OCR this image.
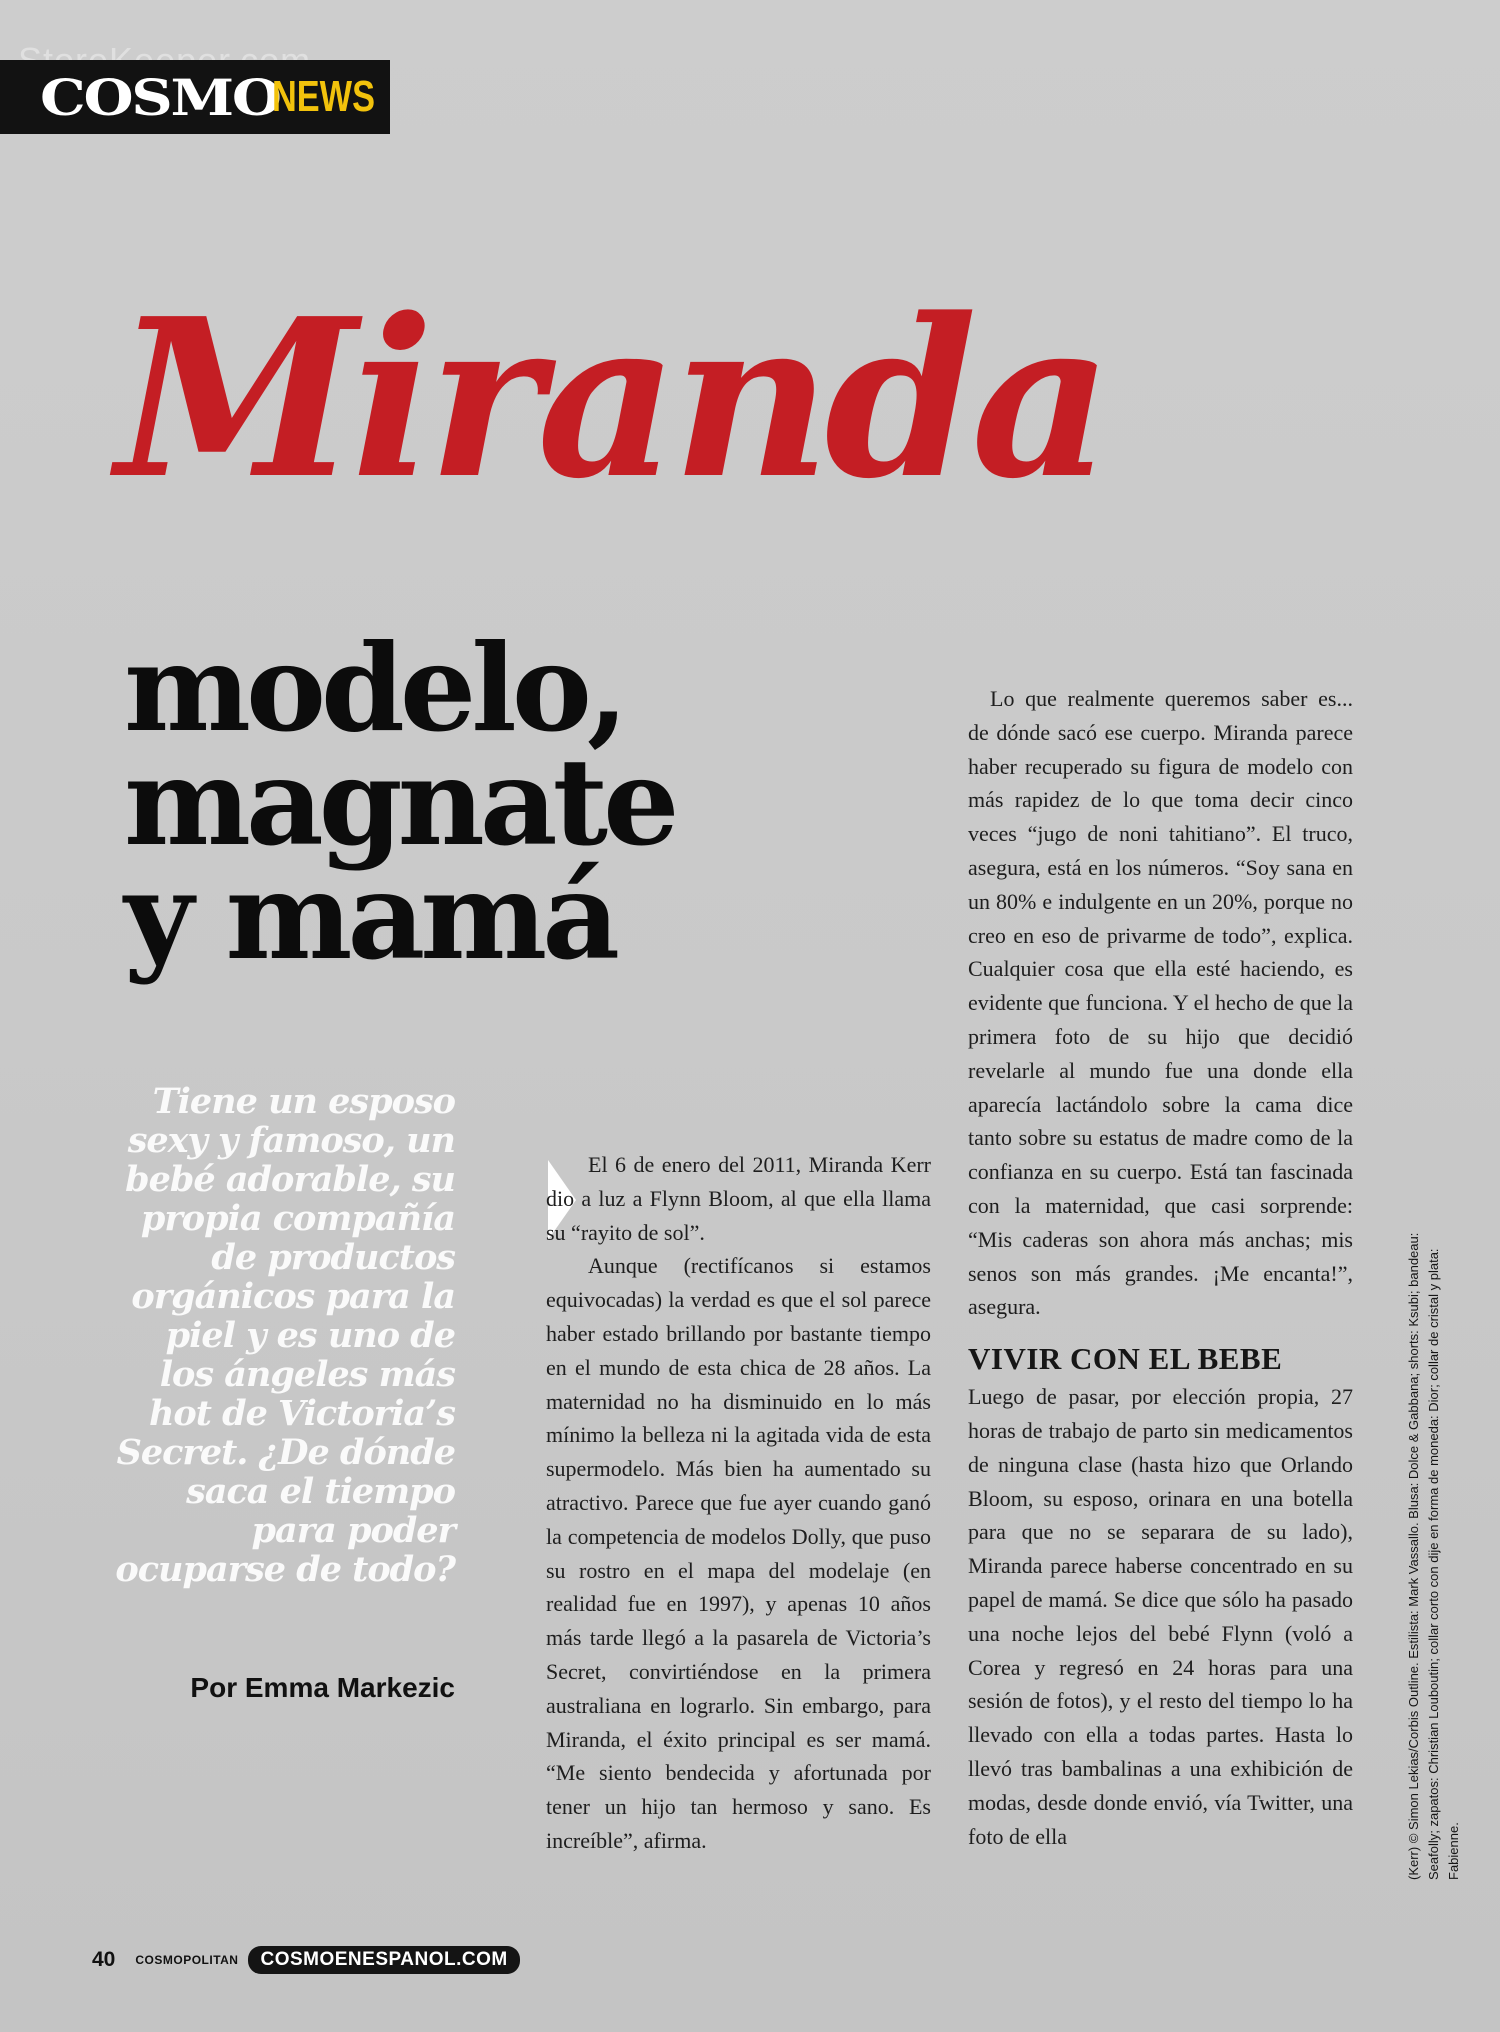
COSMO
NEWS
Miranda
modelo,
magnate
y mamá
Tiene un esposo sexy y famoso, un bebé adorable, su propia compañía de productos orgánicos para la piel y es uno de los ángeles más hot de Victoria’s Secret. ¿De dónde saca el tiempo para poder ocuparse de todo?
Por Emma Markezic

El 6 de enero del 2011, Miranda Kerr dio a luz a Flynn Bloom, al que ella llama su “rayito de sol”.

Aunque (rectifícanos si estamos equivocadas) la verdad es que el sol parece haber estado brillando por bastante tiempo en el mundo de esta chica de 28 años. La maternidad no ha disminuido en lo más mínimo la belleza ni la agitada vida de esta supermodelo. Más bien ha aumentado su atractivo. Parece que fue ayer cuando ganó la competencia de modelos Dolly, que puso su rostro en el mapa del modelaje (en realidad fue en 1997), y apenas 10 años más tarde llegó a la pasarela de Victoria’s Secret, convirtiéndose en la primera australiana en lograrlo. Sin embargo, para Miranda, el éxito principal es ser mamá. “Me siento bendecida y afortunada por tener un hijo tan hermoso y sano. Es increíble”, afirma.

Lo que realmente queremos saber es... de dónde sacó ese cuerpo. Miranda parece haber recuperado su figura de modelo con más rapidez de lo que toma decir cinco veces “jugo de noni tahitiano”. El truco, asegura, está en los números. “Soy sana en un 80% e indulgente en un 20%, porque no creo en eso de privarme de todo”, explica. Cualquier cosa que ella esté haciendo, es evidente que funciona. Y el hecho de que la primera foto de su hijo que decidió revelarle al mundo fue una donde ella aparecía lactándolo sobre la cama dice tanto sobre su estatus de madre como de la confianza en su cuerpo. Está tan fascinada con la maternidad, que casi sorprende: “Mis caderas son ahora más anchas; mis senos son más grandes. ¡Me encanta!”, asegura.

VIVIR CON EL BEBE

Luego de pasar, por elección propia, 27 horas de trabajo de parto sin medicamentos de ninguna clase (hasta hizo que Orlando Bloom, su esposo, orinara en una botella para que no se separara de su lado), Miranda parece haberse concentrado en su papel de mamá. Se dice que sólo ha pasado una noche lejos del bebé Flynn (voló a Corea y regresó en 24 horas para una sesión de fotos), y el resto del tiempo lo ha llevado con ella a todas partes. Hasta lo llevó tras bambalinas a una exhibición de modas, desde donde envió, vía Twitter, una foto de ella	(Kerr) © Simon Lekias/Corbis Outline. Estilista: Mark Vassallo. Blusa: Dolce & Gabbana; shorts: Ksubi; bandeau: Seafolly; zapatos: Christian Louboutin; collar corto con dije en forma de moneda: Dior; collar de cristal y plata: Fabienne.
40 COSMOPOLITAN	COSMOENESPANOL.COM
